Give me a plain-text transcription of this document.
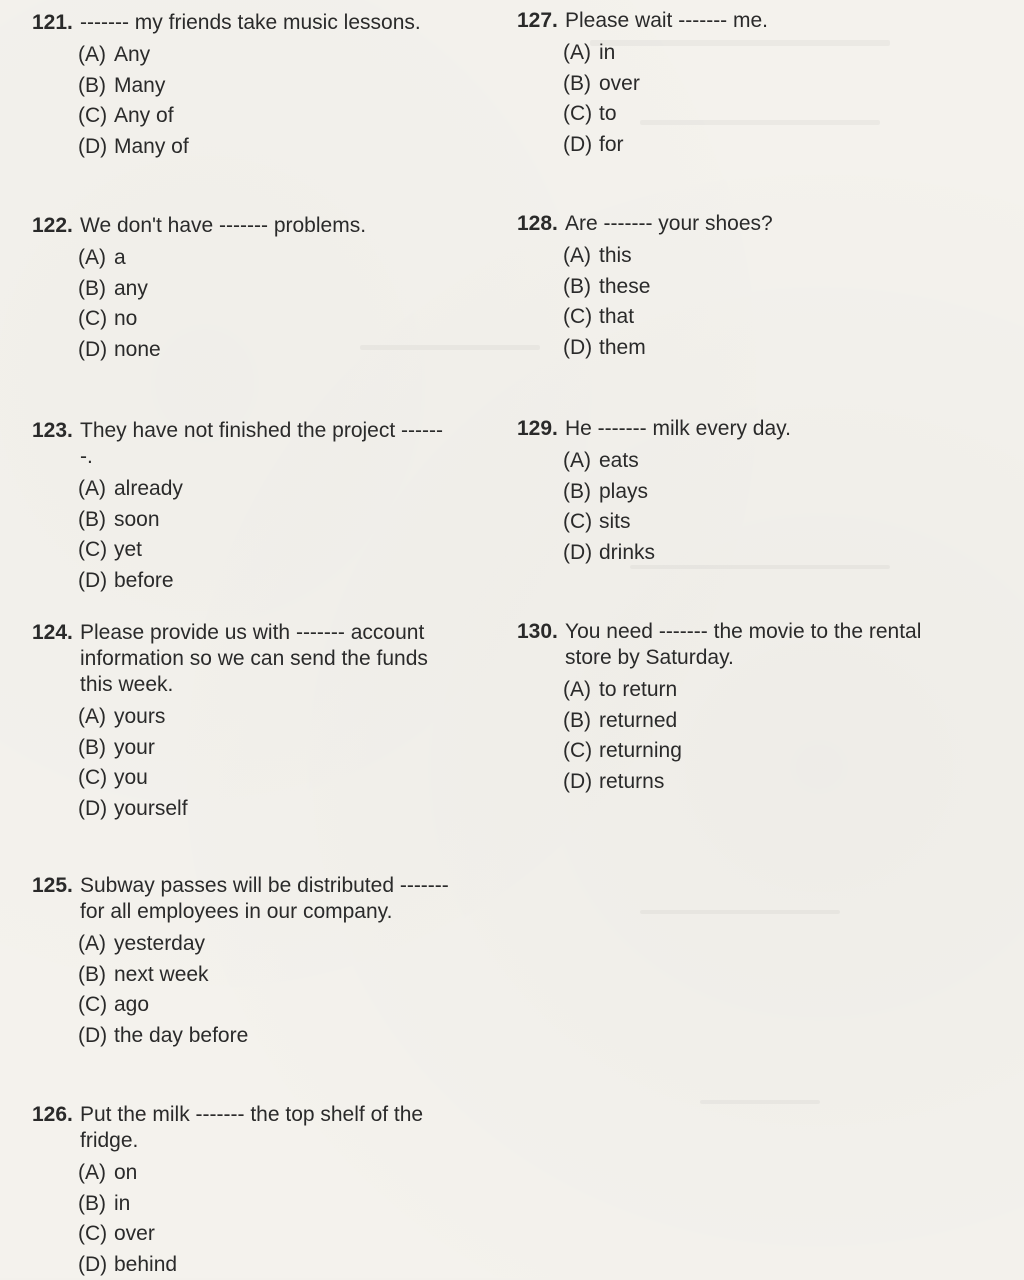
121. ------- my friends take music lessons.
(A) Any
(B) Many
(C) Any of
(D) Many of
122. We don't have ------- problems.
(A) a
(B) any
(C) no
(D) none
123. They have not finished the project -------.
(A) already
(B) soon
(C) yet
(D) before
124. Please provide us with ------- account information so we can send the funds this week.
(A) yours
(B) your
(C) you
(D) yourself
125. Subway passes will be distributed ------- for all employees in our company.
(A) yesterday
(B) next week
(C) ago
(D) the day before
126. Put the milk ------- the top shelf of the fridge.
(A) on
(B) in
(C) over
(D) behind
127. Please wait ------- me.
(A) in
(B) over
(C) to
(D) for
128. Are ------- your shoes?
(A) this
(B) these
(C) that
(D) them
129. He ------- milk every day.
(A) eats
(B) plays
(C) sits
(D) drinks
130. You need ------- the movie to the rental store by Saturday.
(A) to return
(B) returned
(C) returning
(D) returns
